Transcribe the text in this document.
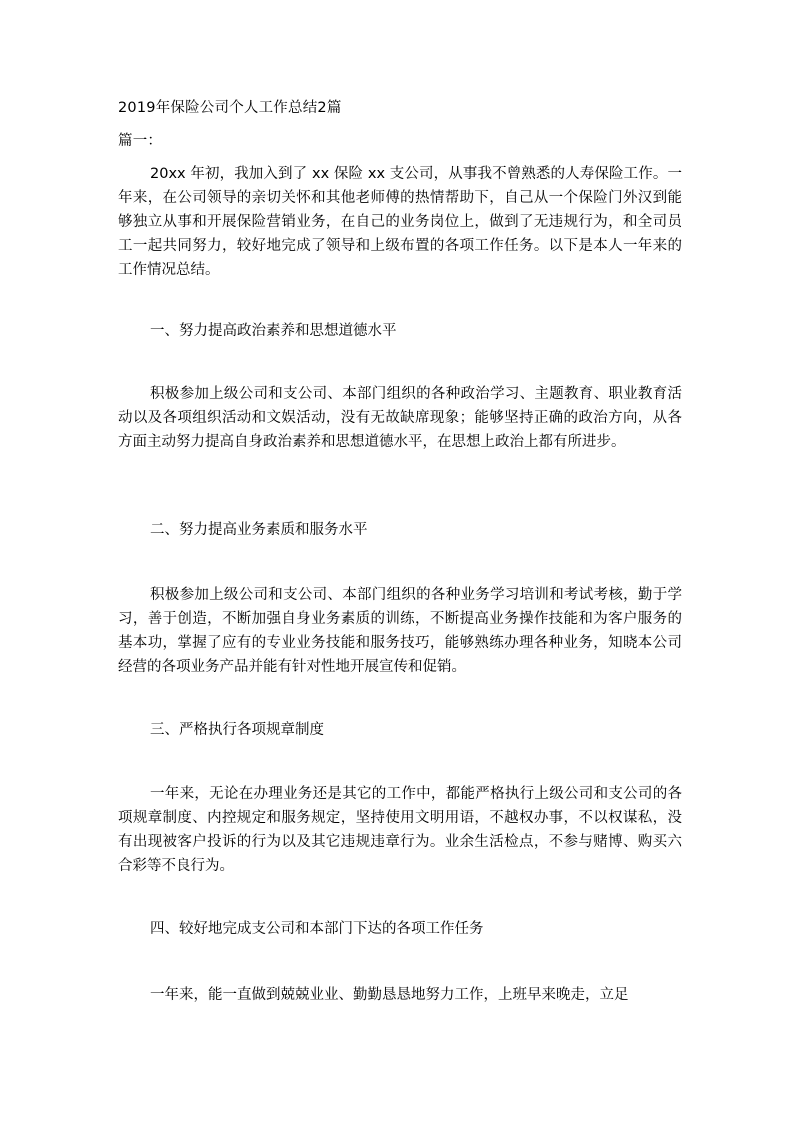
2019年保险公司个人工作总结2篇
篇一：
20xx 年初，我加入到了 xx 保险 xx 支公司，从事我不曾熟悉的人寿保险工作。一年来，在公司领导的亲切关怀和其他老师傅的热情帮助下，自己从一个保险门外汉到能够独立从事和开展保险营销业务，在自己的业务岗位上，做到了无违规行为，和全司员工一起共同努力，较好地完成了领导和上级布置的各项工作任务。以下是本人一年来的工作情况总结。
一、努力提高政治素养和思想道德水平
积极参加上级公司和支公司、本部门组织的各种政治学习、主题教育、职业教育活动以及各项组织活动和文娱活动，没有无故缺席现象；能够坚持正确的政治方向，从各方面主动努力提高自身政治素养和思想道德水平，在思想上政治上都有所进步。
二、努力提高业务素质和服务水平
积极参加上级公司和支公司、本部门组织的各种业务学习培训和考试考核，勤于学习，善于创造，不断加强自身业务素质的训练，不断提高业务操作技能和为客户服务的基本功，掌握了应有的专业业务技能和服务技巧，能够熟练办理各种业务，知晓本公司经营的各项业务产品并能有针对性地开展宣传和促销。
三、严格执行各项规章制度
一年来，无论在办理业务还是其它的工作中，都能严格执行上级公司和支公司的各项规章制度、内控规定和服务规定，坚持使用文明用语，不越权办事，不以权谋私，没有出现被客户投诉的行为以及其它违规违章行为。业余生活检点，不参与赌博、购买六合彩等不良行为。
四、较好地完成支公司和本部门下达的各项工作任务
一年来，能一直做到兢兢业业、勤勤恳恳地努力工作，上班早来晚走，立足
